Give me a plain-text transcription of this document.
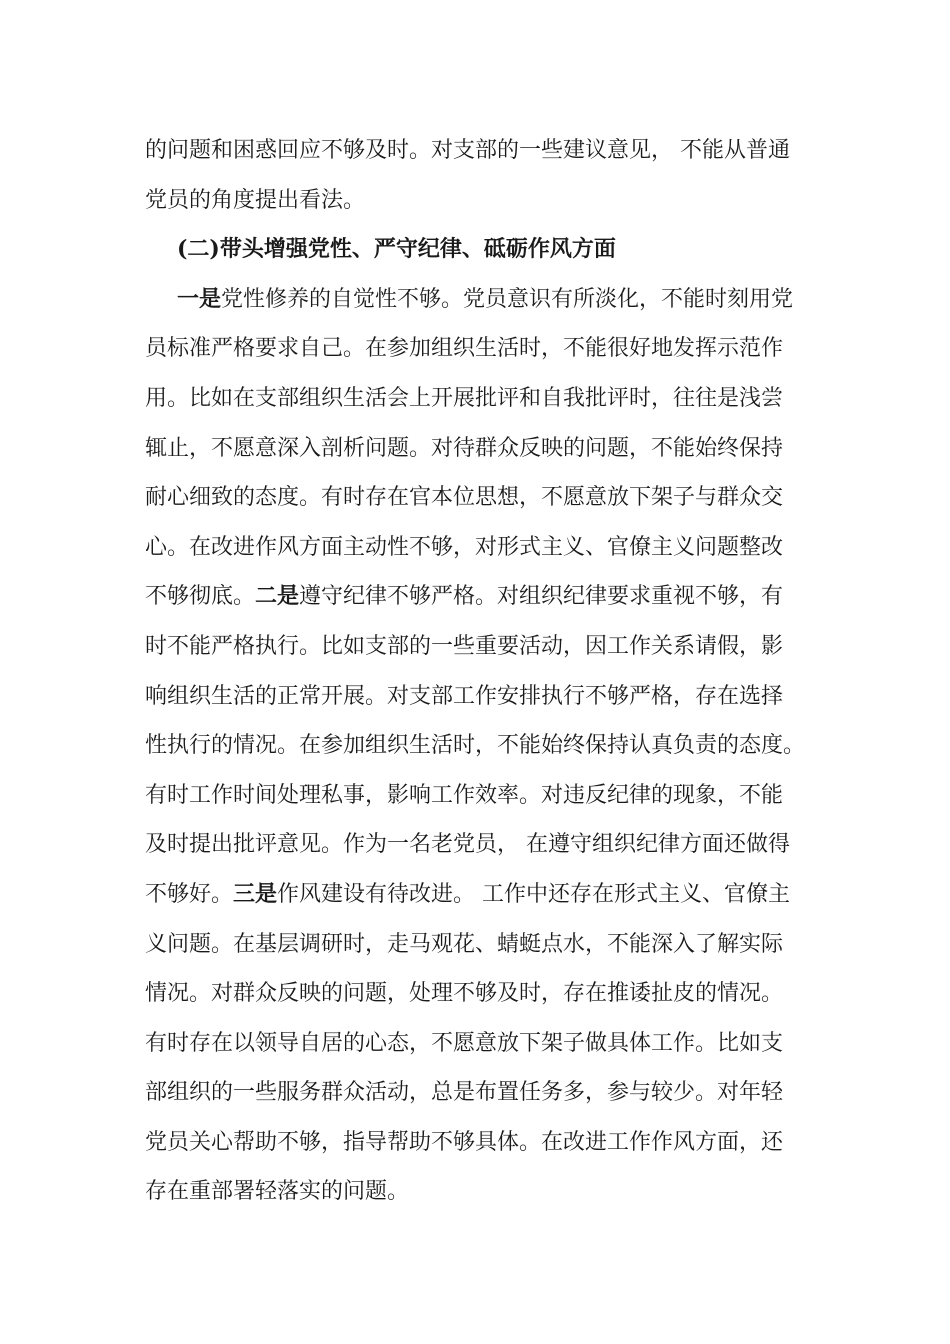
的问题和困惑回应不够及时。对支部的一些建议意见， 不能从普通
党员的角度提出看法。
(二)带头增强党性、严守纪律、砥砺作风方面
一是党性修养的自觉性不够。党员意识有所淡化，不能时刻用党
员标准严格要求自己。在参加组织生活时，不能很好地发挥示范作
用。比如在支部组织生活会上开展批评和自我批评时，往往是浅尝
辄止，不愿意深入剖析问题。对待群众反映的问题，不能始终保持
耐心细致的态度。有时存在官本位思想，不愿意放下架子与群众交
心。在改进作风方面主动性不够，对形式主义、官僚主义问题整改
不够彻底。二是遵守纪律不够严格。对组织纪律要求重视不够，有
时不能严格执行。比如支部的一些重要活动，因工作关系请假，影
响组织生活的正常开展。对支部工作安排执行不够严格，存在选择
性执行的情况。在参加组织生活时，不能始终保持认真负责的态度。
有时工作时间处理私事，影响工作效率。对违反纪律的现象，不能
及时提出批评意见。作为一名老党员， 在遵守组织纪律方面还做得
不够好。三是作风建设有待改进。 工作中还存在形式主义、官僚主
义问题。在基层调研时，走马观花、蜻蜓点水，不能深入了解实际
情况。对群众反映的问题，处理不够及时，存在推诿扯皮的情况。
有时存在以领导自居的心态，不愿意放下架子做具体工作。比如支
部组织的一些服务群众活动，总是布置任务多，参与较少。对年轻
党员关心帮助不够，指导帮助不够具体。在改进工作作风方面，还
存在重部署轻落实的问题。
